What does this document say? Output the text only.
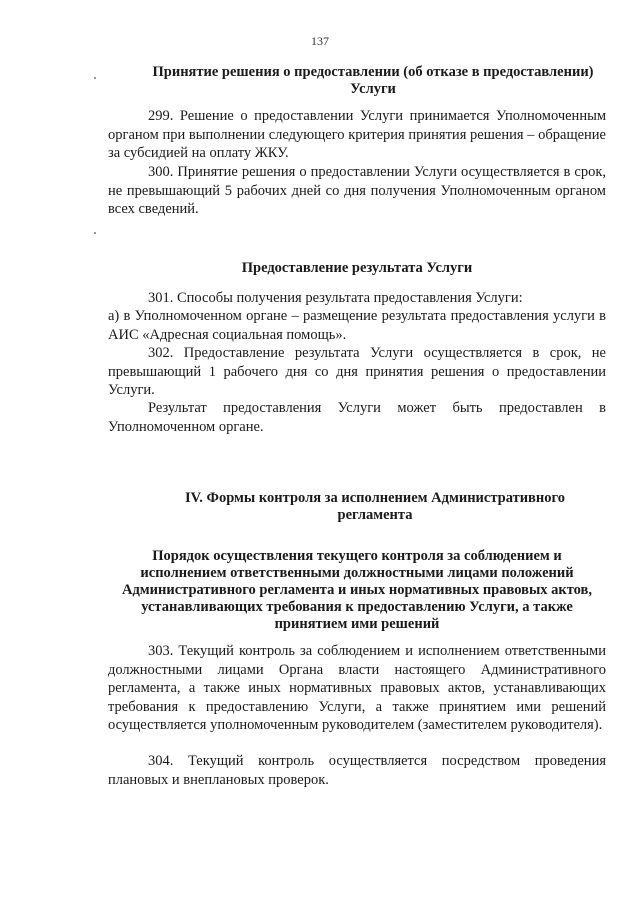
137
Принятие решения о предоставлении (об отказе в предоставлении) Услуги

299. Решение о предоставлении Услуги принимается Уполномоченным органом при выполнении следующего критерия принятия решения – обращение за субсидией на оплату ЖКУ.

300. Принятие решения о предоставлении Услуги осуществляется в срок, не превышающий 5 рабочих дней со дня получения Уполномоченным органом всех сведений.

Предоставление результата Услуги

301. Способы получения результата предоставления Услуги:

а) в Уполномоченном органе – размещение результата предоставления услуги в АИС «Адресная социальная помощь».

302. Предоставление результата Услуги осуществляется в срок, не превышающий 1 рабочего дня со дня принятия решения о предоставлении Услуги.

Результат предоставления Услуги может быть предоставлен в Уполномоченном органе.

IV. Формы контроля за исполнением Административного регламента
Порядок осуществления текущего контроля за соблюдением и исполнением ответственными должностными лицами положений Административного регламента и иных нормативных правовых актов, устанавливающих требования к предоставлению Услуги, а также принятием ими решений

303. Текущий контроль за соблюдением и исполнением ответственными должностными лицами Органа власти настоящего Административного регламента, а также иных нормативных правовых актов, устанавливающих требования к предоставлению Услуги, а также принятием ими решений осуществляется уполномоченным руководителем (заместителем руководителя).

304. Текущий контроль осуществляется посредством проведения плановых и внеплановых проверок.
